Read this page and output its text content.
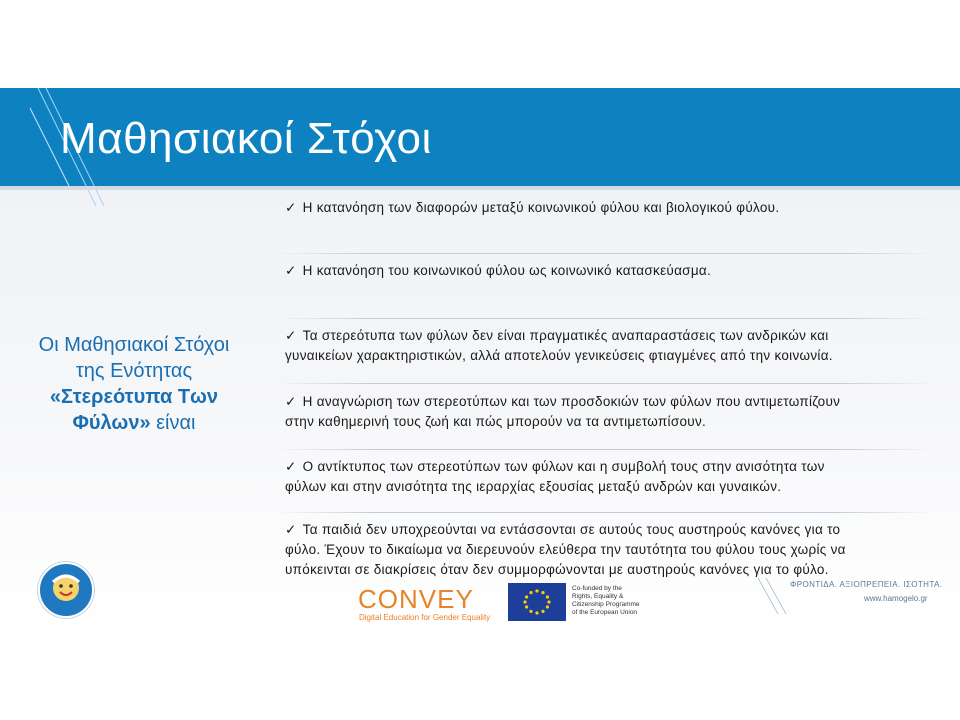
Μαθησιακοί Στόχοι
Οι Μαθησιακοί Στόχοι
της Ενότητας
«Στερεότυπα Των
Φύλων» είναι
✓ Η κατανόηση των διαφορών μεταξύ κοινωνικού φύλου και βιολογικού φύλου.
✓ Η κατανόηση του κοινωνικού φύλου ως κοινωνικό κατασκεύασμα.
✓ Τα στερεότυπα των φύλων δεν είναι πραγματικές αναπαραστάσεις των ανδρικών και
γυναικείων χαρακτηριστικών, αλλά αποτελούν γενικεύσεις φτιαγμένες από την κοινωνία.
✓ Η αναγνώριση των στερεοτύπων και των προσδοκιών των φύλων που αντιμετωπίζουν
στην καθημερινή τους ζωή και πώς μπορούν να τα αντιμετωπίσουν.
✓ Ο αντίκτυπος των στερεοτύπων των φύλων και η συμβολή τους στην ανισότητα των
φύλων και στην ανισότητα της ιεραρχίας εξουσίας μεταξύ ανδρών και γυναικών.
✓ Τα παιδιά δεν υποχρεούνται να εντάσσονται σε αυτούς τους αυστηρούς κανόνες για το
φύλο. Έχουν το δικαίωμα να διερευνούν ελεύθερα την ταυτότητα του φύλου τους χωρίς να
υπόκεινται σε διακρίσεις όταν δεν συμμορφώνονται με αυστηρούς κανόνες για το φύλο.
CONVEY
Digital Education for Gender Equality
Co-funded by the
Rights, Equality &
Citizenship Programme
of the European Union
ΦΡΟΝΤΙΔΑ. ΑΞΙΟΠΡΕΠΕΙΑ. ΙΣΟΤΗΤΑ.
www.hamogelo.gr
